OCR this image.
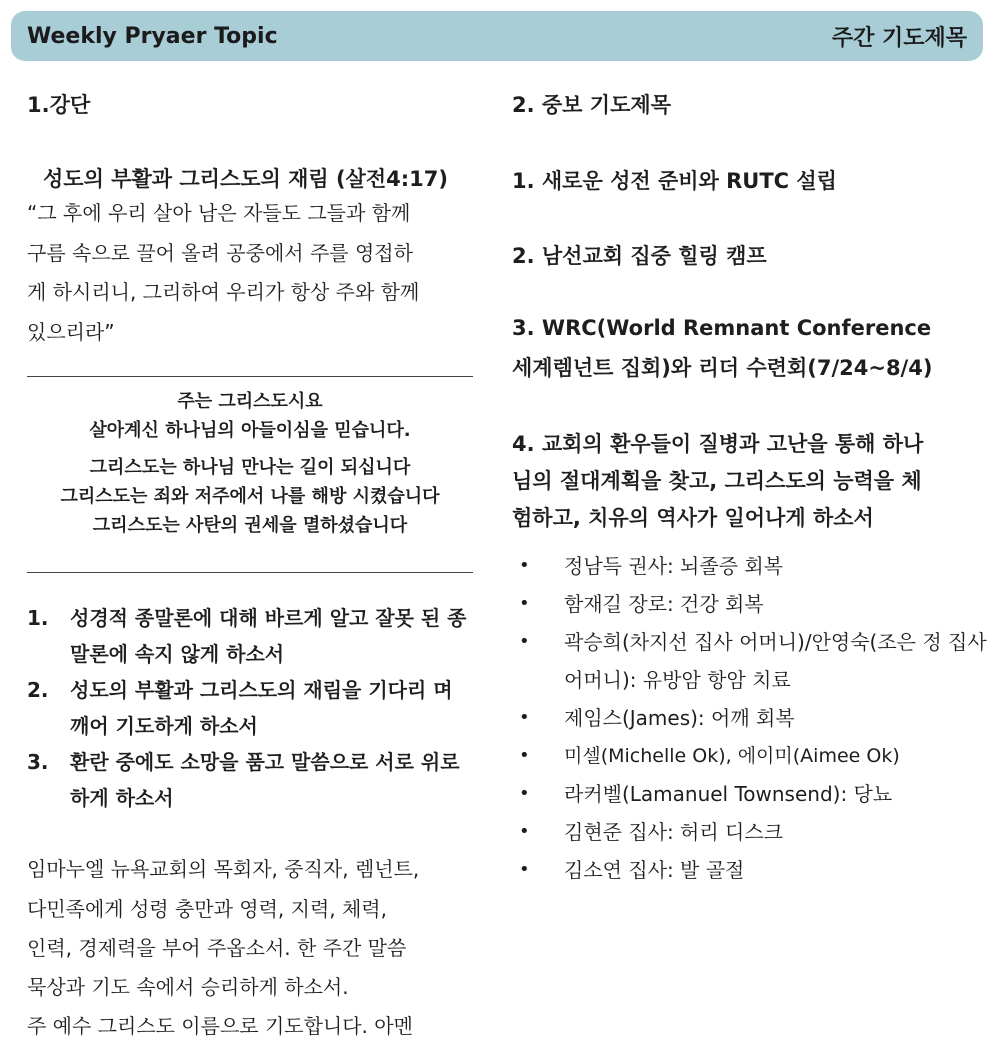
Weekly Pryaer Topic	주간 기도제목
1.강단
성도의 부활과 그리스도의 재림 (살전4:17)
“그 후에 우리 살아 남은 자들도 그들과 함께
구름 속으로 끌어 올려 공중에서 주를 영접하
게 하시리니, 그리하여 우리가 항상 주와 함께
있으리라”
주는 그리스도시요
살아계신 하나님의 아들이심을 믿습니다.
그리스도는 하나님 만나는 길이 되십니다
그리스도는 죄와 저주에서 나를 해방 시켰습니다
그리스도는 사탄의 권세을 멸하셨습니다
1.	성경적 종말론에 대해 바르게 알고 잘못 된 종말론에 속지 않게 하소서
2.	성도의 부활과 그리스도의 재림을 기다리 며 깨어 기도하게 하소서
3.	환란 중에도 소망을 품고 말씀으로 서로 위로하게 하소서
임마누엘 뉴욕교회의 목회자, 중직자, 렘넌트,
다민족에게 성령 충만과 영력, 지력, 체력,
인력, 경제력을 부어 주옵소서. 한 주간 말씀
묵상과 기도 속에서 승리하게 하소서.
주 예수 그리스도 이름으로 기도합니다. 아멘
2. 중보 기도제목
1. 새로운 성전 준비와 RUTC 설립
2. 남선교회 집중 힐링 캠프
3. WRC(World Remnant Conference
세계렘넌트 집회)와 리더 수련회(7/24~8/4)
4. 교회의 환우들이 질병과 고난을 통해 하나
님의 절대계획을 찾고, 그리스도의 능력을 체
험하고, 치유의 역사가 일어나게 하소서
•	정남득 권사: 뇌졸증 회복
•	함재길 장로: 건강 회복
•	곽승희(차지선 집사 어머니)/안영숙(조은 정 집사 어머니): 유방암 항암 치료
•	제임스(James): 어깨 회복
•	미셀(Michelle Ok), 에이미(Aimee Ok)
•	라커벨(Lamanuel Townsend): 당뇨
•	김현준 집사: 허리 디스크
•	김소연 집사: 발 골절
